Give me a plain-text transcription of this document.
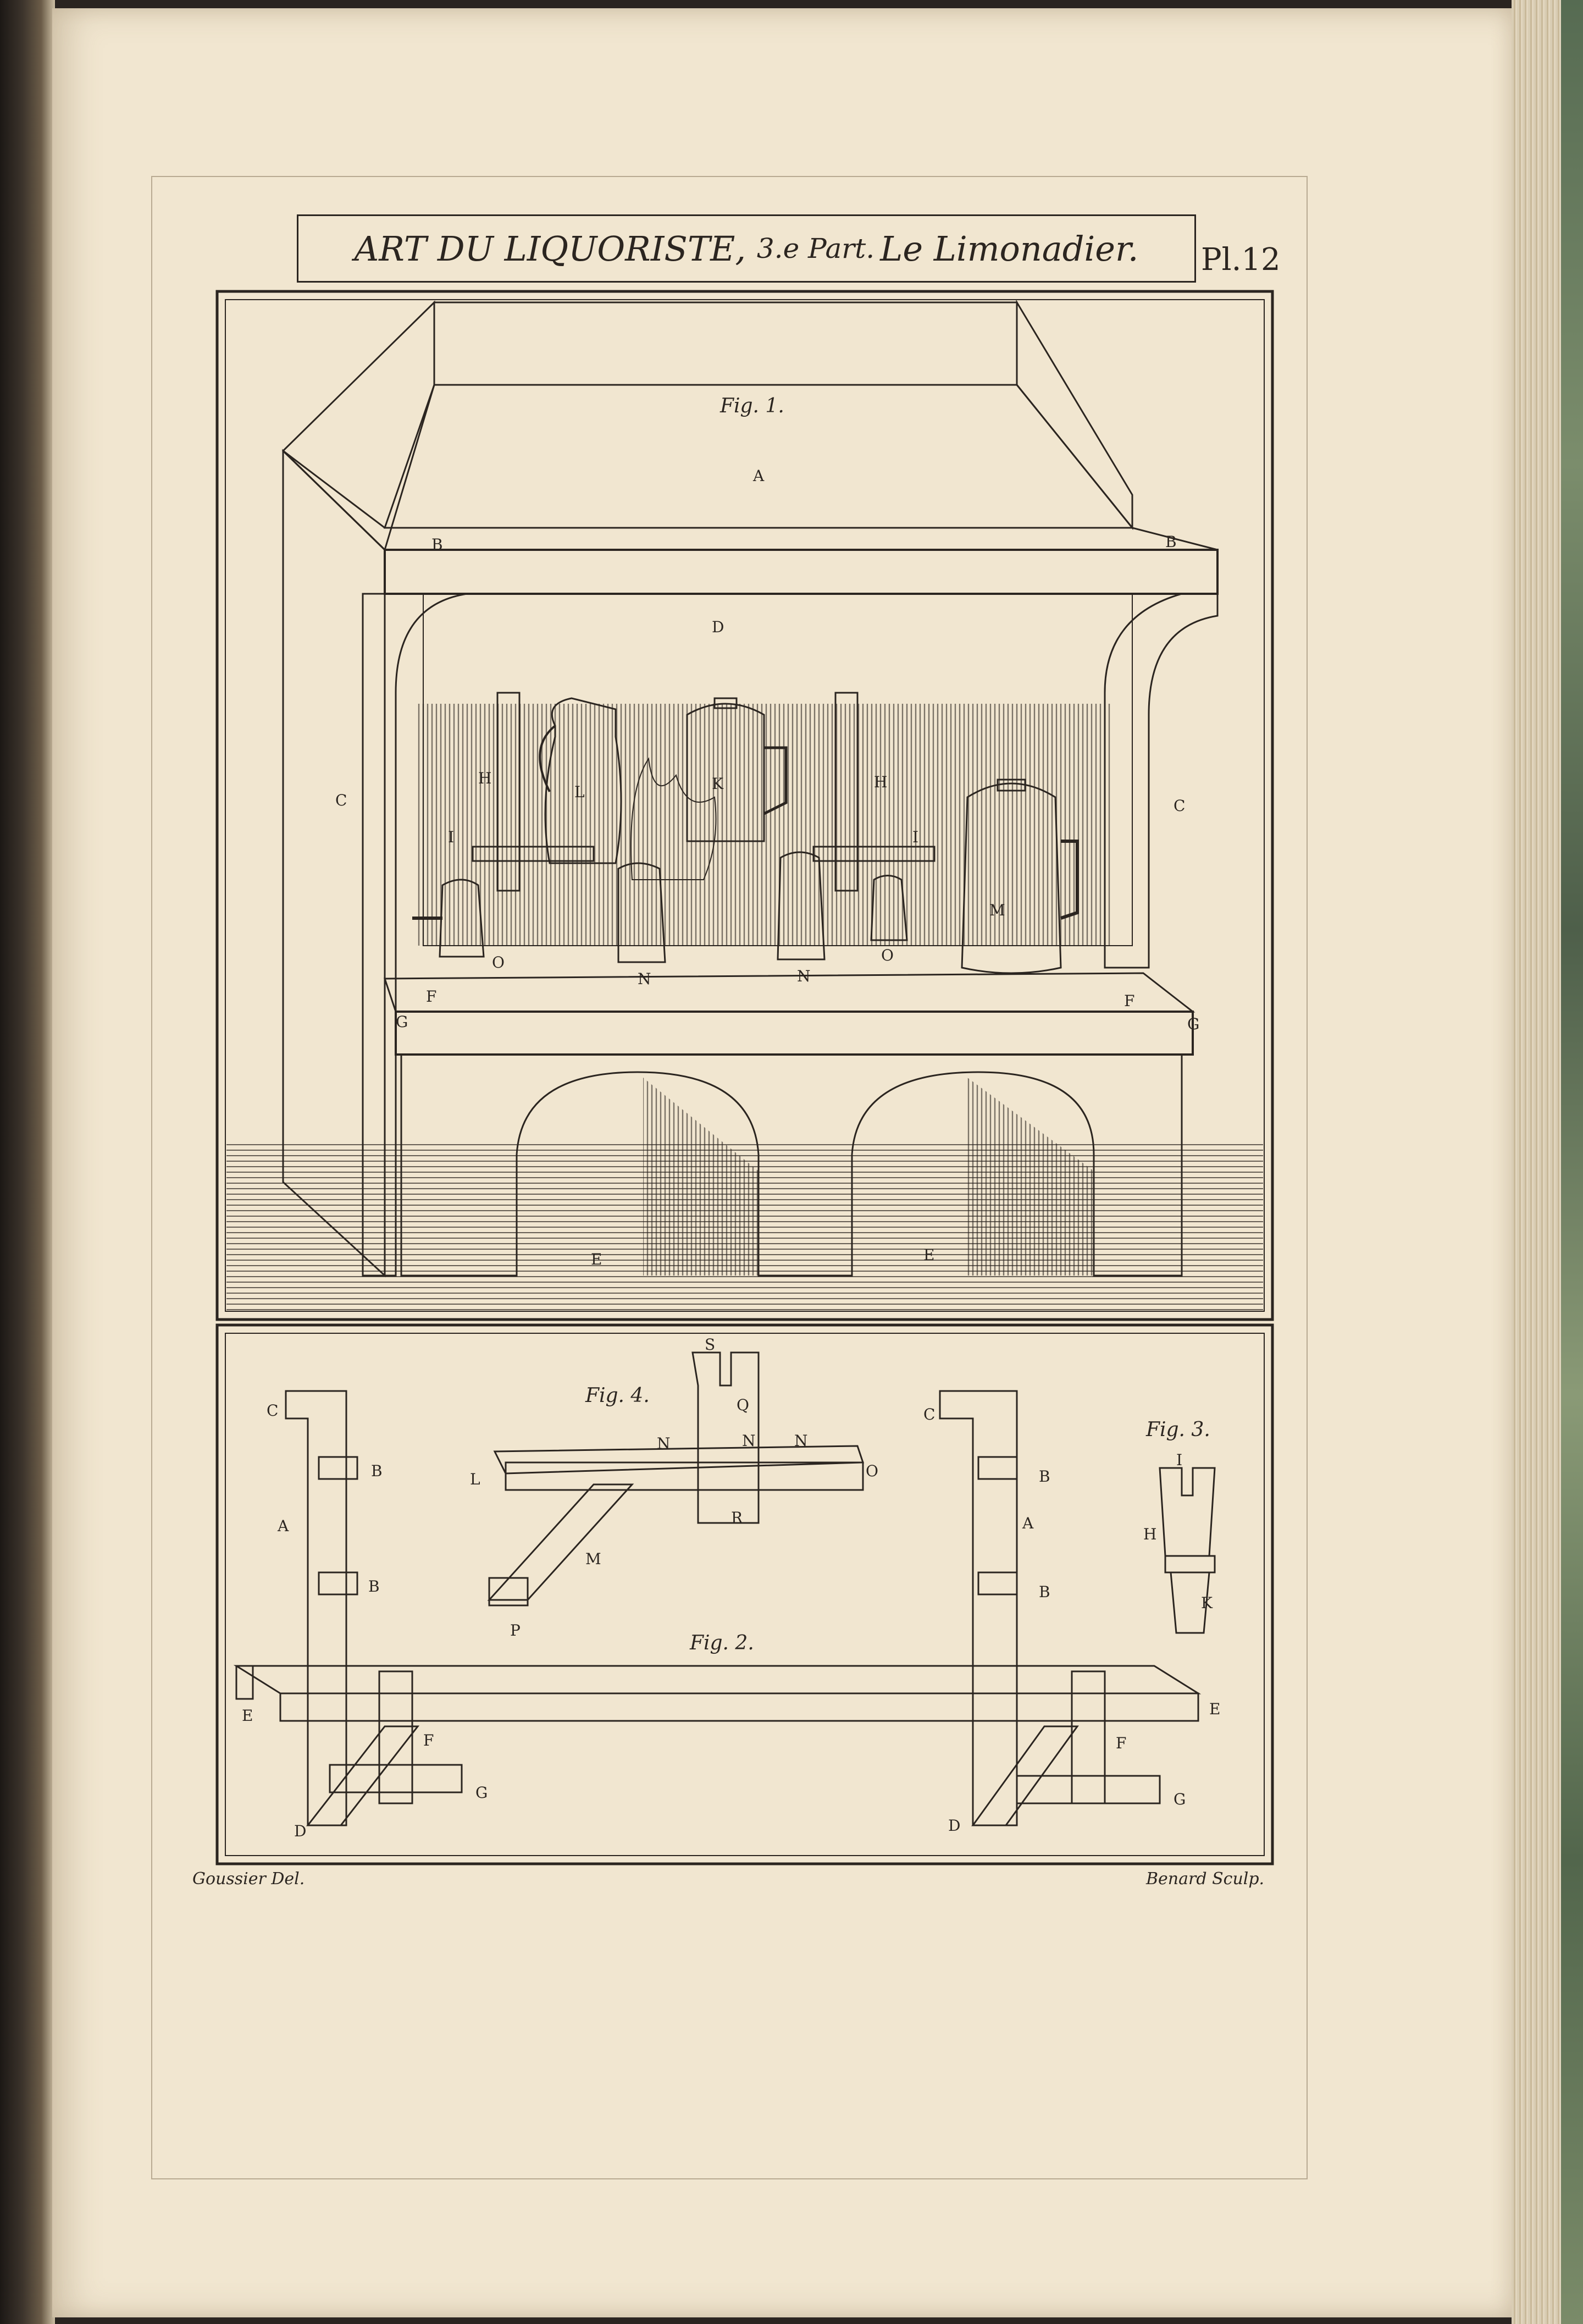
ART DU LIQUORISTE,
3.e Part. Le Limonadier. Pl.12
Fig. 1.
Fig. 4.
Fig. 3.
Fig. 2.
A
B	B
D
C	C
H	H
L	K
I	I
M
O	O
N	N
F	F
G	G
E	E
C
B
A
B
C
B
A
B
E	E
F	F
G	G
D	D
I
H
K
S
Q
N	N	N
L	O
R
M
P
Goussier Del.	Benard Sculp.
